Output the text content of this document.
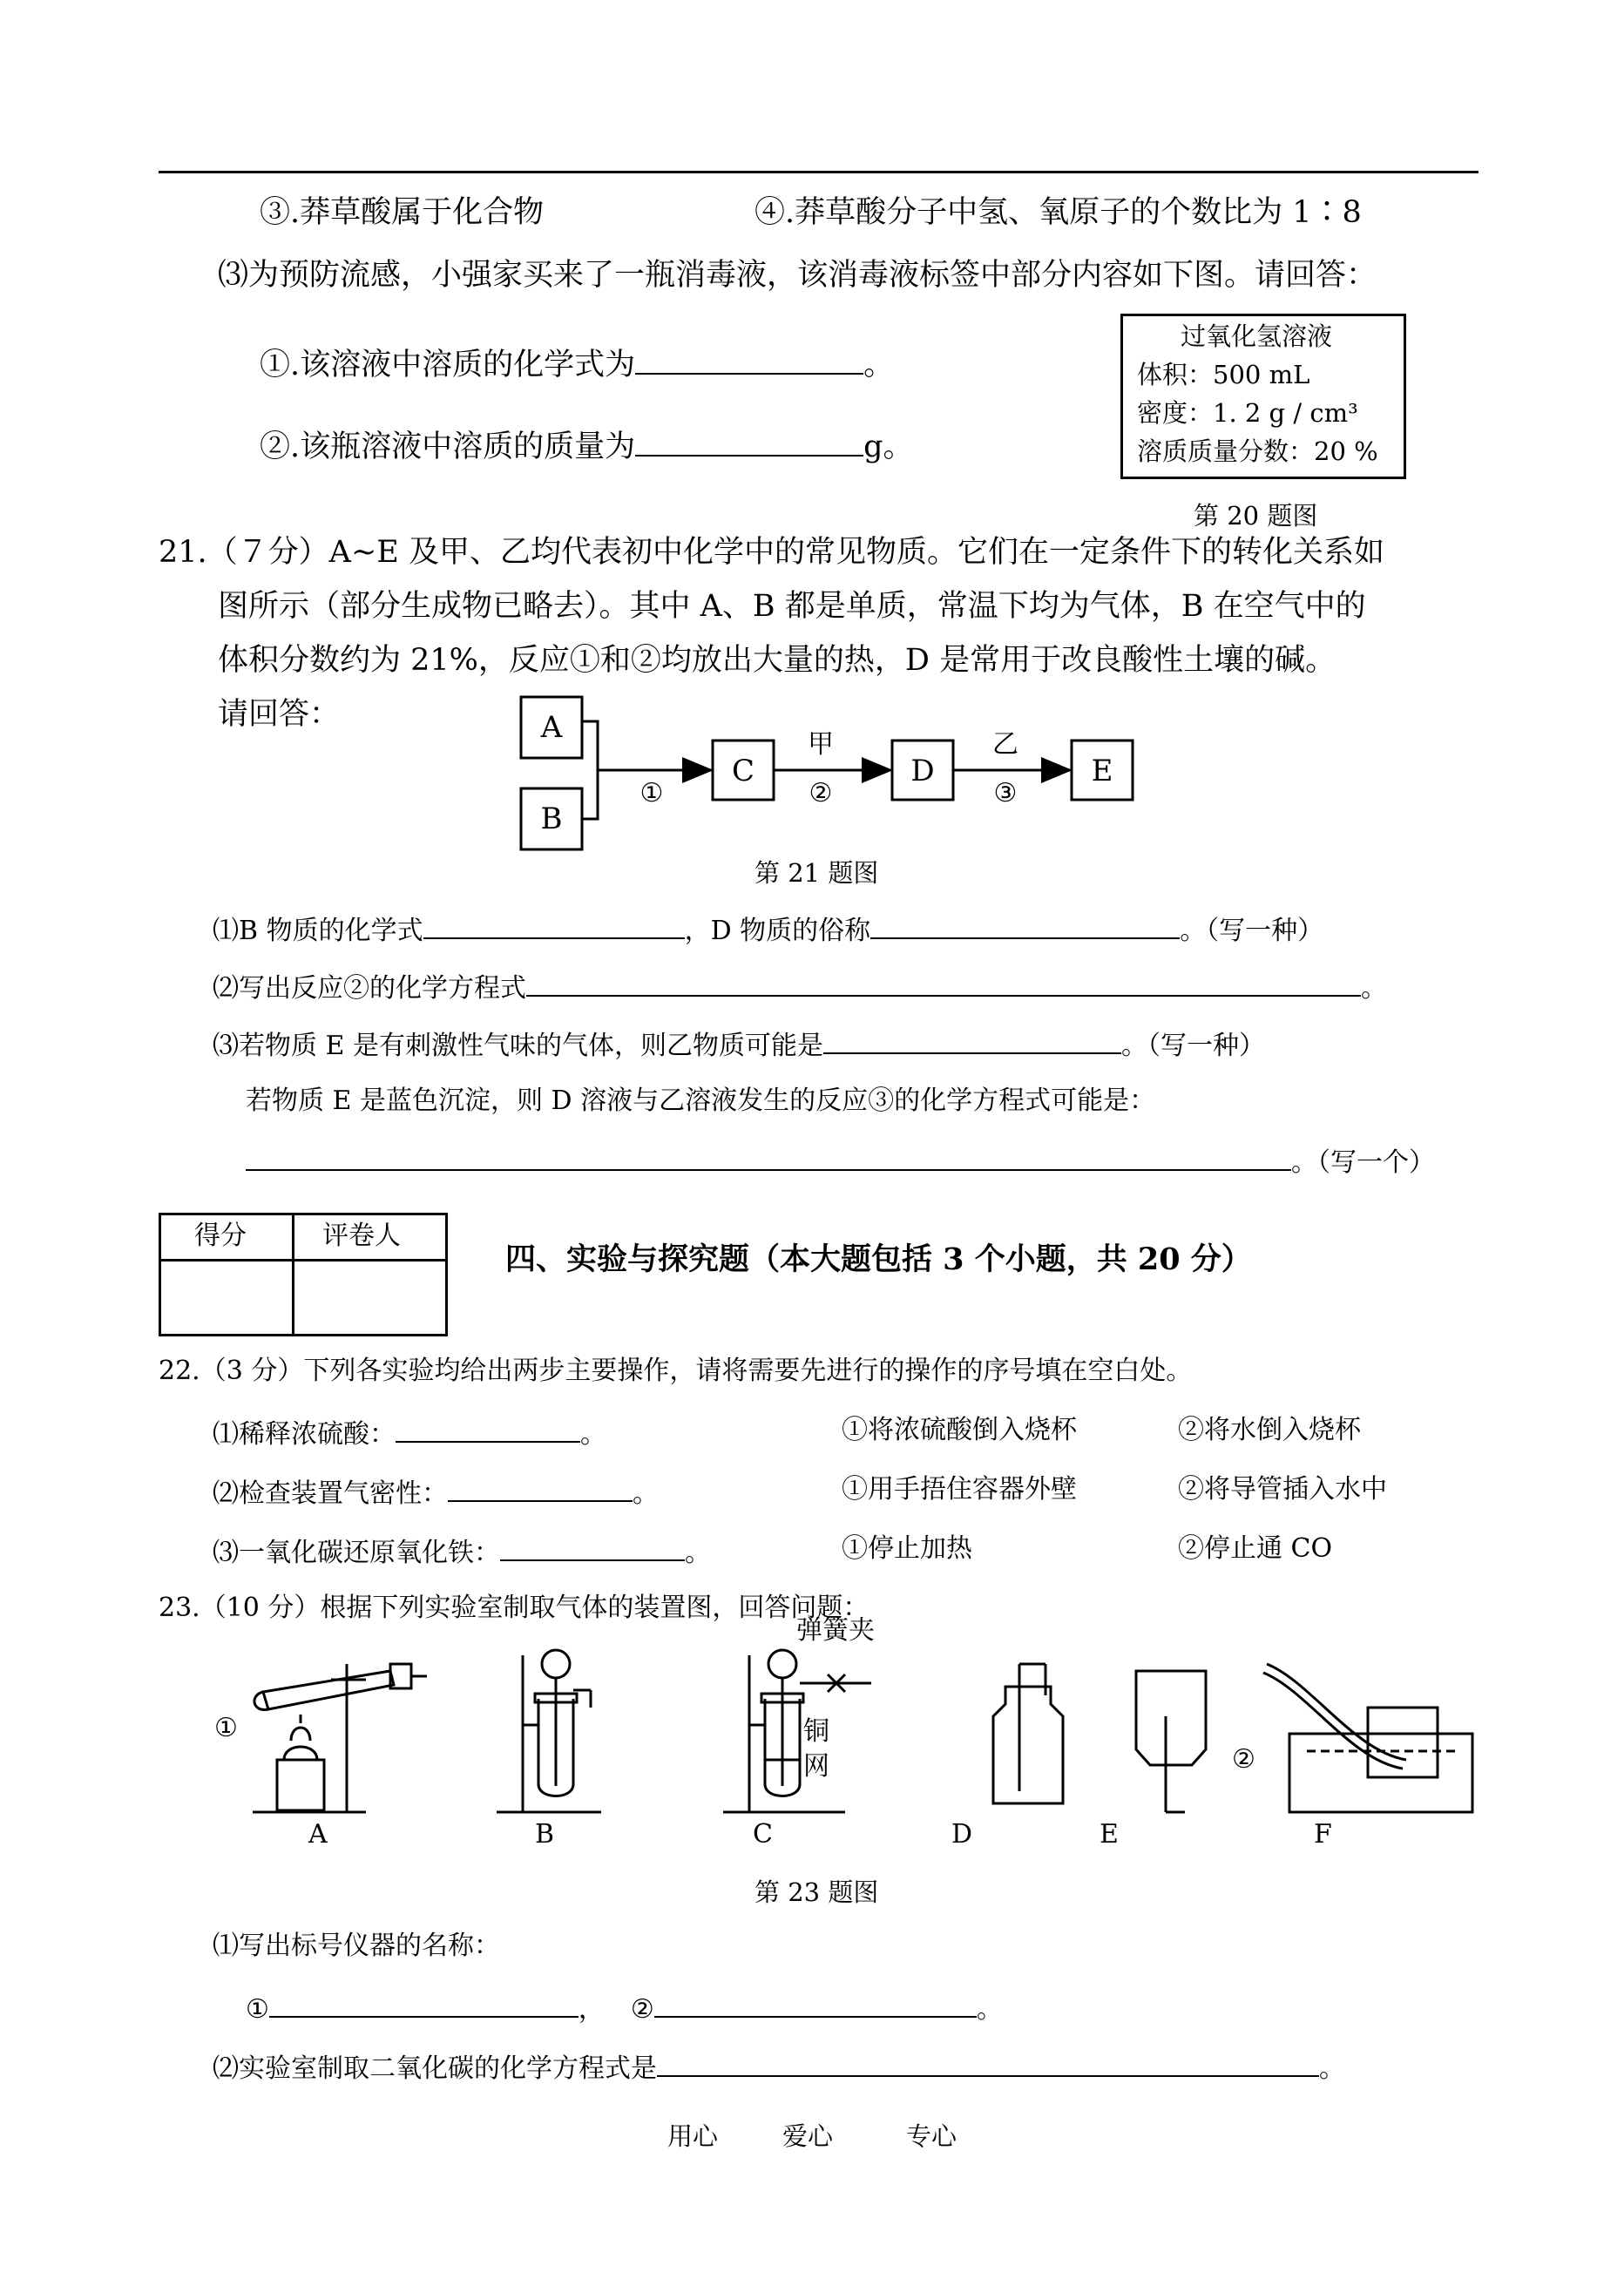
③.莽草酸属于化合物	④.莽草酸分子中氢、氧原子的个数比为 1∶8
⑶为预防流感，小强家买来了一瓶消毒液，该消毒液标签中部分内容如下图。请回答：
①.该溶液中溶质的化学式为	。
②.该瓶溶液中溶质的质量为	g。
过氧化氢溶液
体积：500 mL
密度：1. 2 g / cm³
溶质质量分数：20 %
第 20 题图
21.（７分）A~E 及甲、乙均代表初中化学中的常见物质。它们在一定条件下的转化关系如
图所示（部分生成物已略去）。其中 A、B 都是单质，常温下均为气体，B 在空气中的
体积分数约为 21%，反应①和②均放出大量的热，D 是常用于改良酸性土壤的碱。
请回答：	A
B
①
C
甲
②
D
乙
③
E
第 21 题图
⑴B 物质的化学式	，D 物质的俗称	。（写一种）
⑵写出反应②的化学方程式	。
⑶若物质 E 是有刺激性气味的气体，则乙物质可能是	。（写一种）
若物质 E 是蓝色沉淀，则 D 溶液与乙溶液发生的反应③的化学方程式可能是：
。（写一个）
得分	评卷人
四、实验与探究题（本大题包括 3 个小题，共 20 分）
22.（3 分）下列各实验均给出两步主要操作，请将需要先进行的操作的序号填在空白处。
⑴稀释浓硫酸：	。	①将浓硫酸倒入烧杯	②将水倒入烧杯
⑵检查装置气密性：	。	①用手捂住容器外壁	②将导管插入水中
⑶一氧化碳还原氧化铁：	。	①停止加热	②停止通 CO
23.（10 分）根据下列实验室制取气体的装置图，回答问题：
弹簧夹
铜
网
①
②
A	B	C	D	E	F
第 23 题图
⑴写出标号仪器的名称：
①	， ②	。
⑵实验室制取二氧化碳的化学方程式是	。
用心	爱心	专心
